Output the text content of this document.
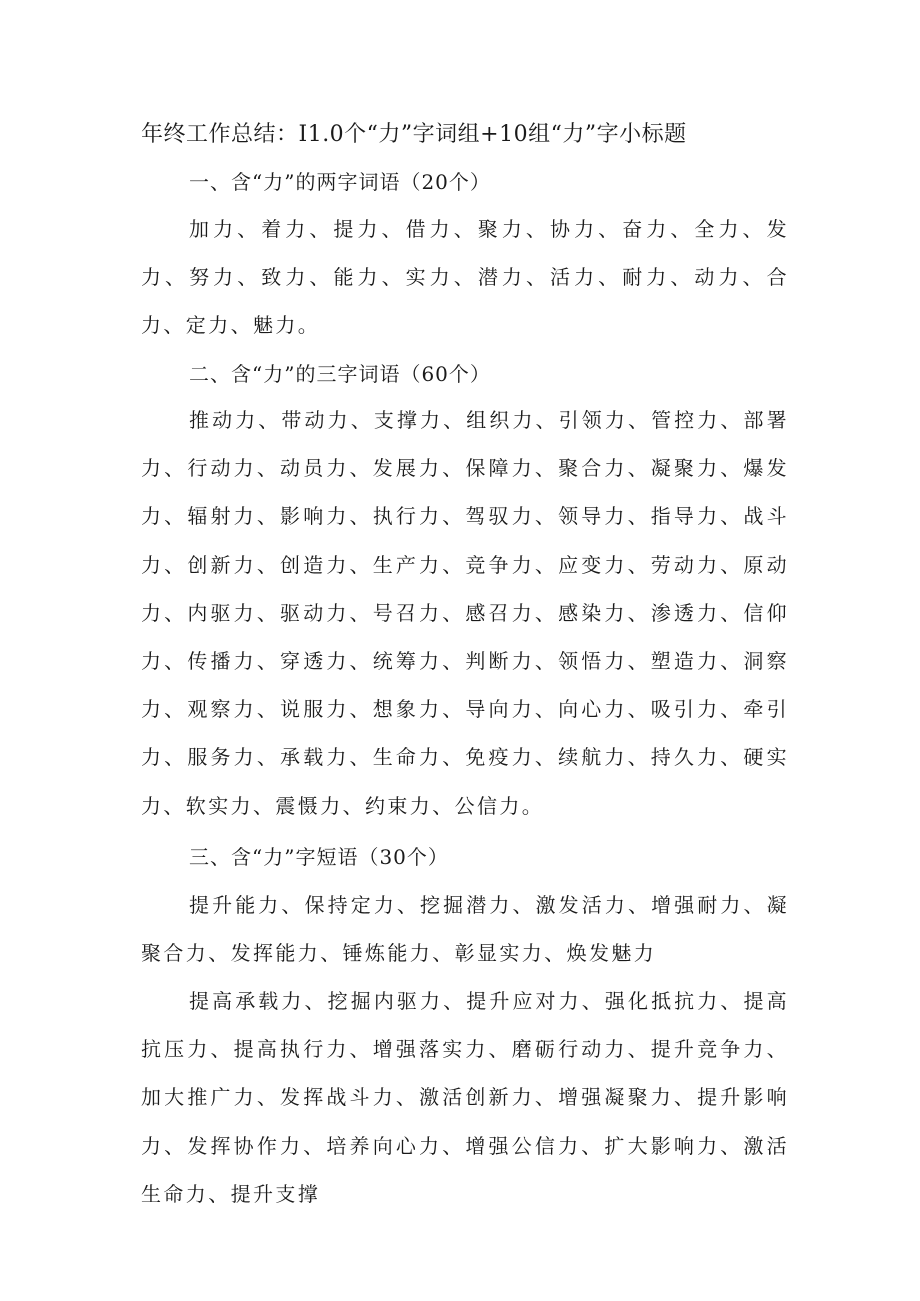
年终工作总结：I1.0个“力”字词组+10组“力”字小标题
一、含“力”的两字词语（20个）
加力、着力、提力、借力、聚力、协力、奋力、全力、发力、努力、致力、能力、实力、潜力、活力、耐力、动力、合力、定力、魅力。
二、含“力”的三字词语（60个）
推动力、带动力、支撑力、组织力、引领力、管控力、部署力、行动力、动员力、发展力、保障力、聚合力、凝聚力、爆发力、辐射力、影响力、执行力、驾驭力、领导力、指导力、战斗力、创新力、创造力、生产力、竞争力、应变力、劳动力、原动力、内驱力、驱动力、号召力、感召力、感染力、渗透力、信仰力、传播力、穿透力、统筹力、判断力、领悟力、塑造力、洞察力、观察力、说服力、想象力、导向力、向心力、吸引力、牵引力、服务力、承载力、生命力、免疫力、续航力、持久力、硬实力、软实力、震慑力、约束力、公信力。
三、含“力”字短语（30个）
提升能力、保持定力、挖掘潜力、激发活力、增强耐力、凝聚合力、发挥能力、锤炼能力、彰显实力、焕发魅力
提高承载力、挖掘内驱力、提升应对力、强化抵抗力、提高抗压力、提高执行力、增强落实力、磨砺行动力、提升竞争力、加大推广力、发挥战斗力、激活创新力、增强凝聚力、提升影响力、发挥协作力、培养向心力、增强公信力、扩大影响力、激活生命力、提升支撑
